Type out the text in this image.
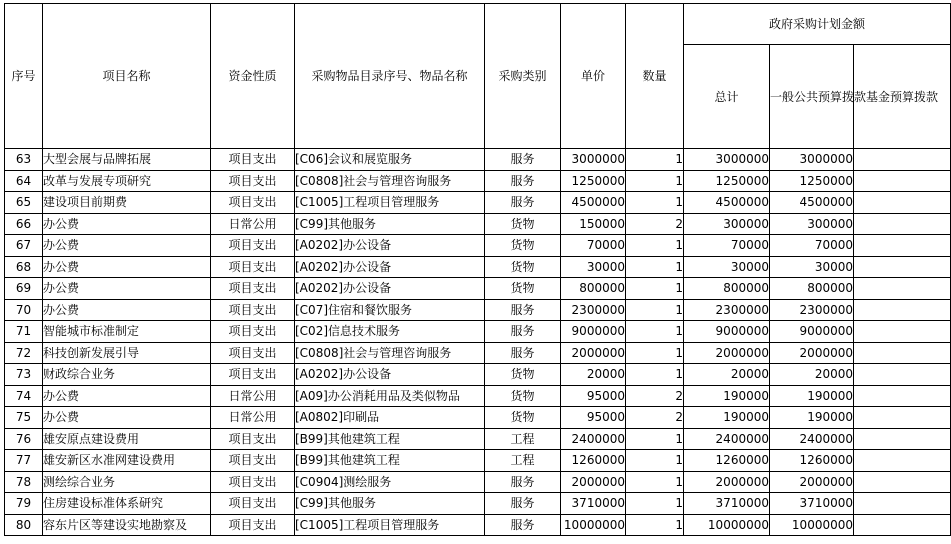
序号	项目名称	资金性质	采购物品目录序号、物品名称	采购类别	单价	数量	政府采购计划金额		
							总计	一般公共预算拨款	基金预算拨款
63	大型会展与品牌拓展	项目支出	[C06]会议和展览服务	服务	3000000	1	3000000	3000000	
64	改革与发展专项研究	项目支出	[C0808]社会与管理咨询服务	服务	1250000	1	1250000	1250000	
65	建设项目前期费	项目支出	[C1005]工程项目管理服务	服务	4500000	1	4500000	4500000	
66	办公费	日常公用	[C99]其他服务	货物	150000	2	300000	300000	
67	办公费	项目支出	[A0202]办公设备	货物	70000	1	70000	70000	
68	办公费	项目支出	[A0202]办公设备	货物	30000	1	30000	30000	
69	办公费	项目支出	[A0202]办公设备	货物	800000	1	800000	800000	
70	办公费	项目支出	[C07]住宿和餐饮服务	服务	2300000	1	2300000	2300000	
71	智能城市标准制定	项目支出	[C02]信息技术服务	服务	9000000	1	9000000	9000000	
72	科技创新发展引导	项目支出	[C0808]社会与管理咨询服务	服务	2000000	1	2000000	2000000	
73	财政综合业务	项目支出	[A0202]办公设备	货物	20000	1	20000	20000	
74	办公费	日常公用	[A09]办公消耗用品及类似物品	货物	95000	2	190000	190000	
75	办公费	日常公用	[A0802]印刷品	货物	95000	2	190000	190000	
76	雄安原点建设费用	项目支出	[B99]其他建筑工程	工程	2400000	1	2400000	2400000	
77	雄安新区水准网建设费用	项目支出	[B99]其他建筑工程	工程	1260000	1	1260000	1260000	
78	测绘综合业务	项目支出	[C0904]测绘服务	服务	2000000	1	2000000	2000000	
79	住房建设标准体系研究	项目支出	[C99]其他服务	服务	3710000	1	3710000	3710000	
80	容东片区等建设实地勘察及	项目支出	[C1005]工程项目管理服务	服务	10000000	1	10000000	10000000	
